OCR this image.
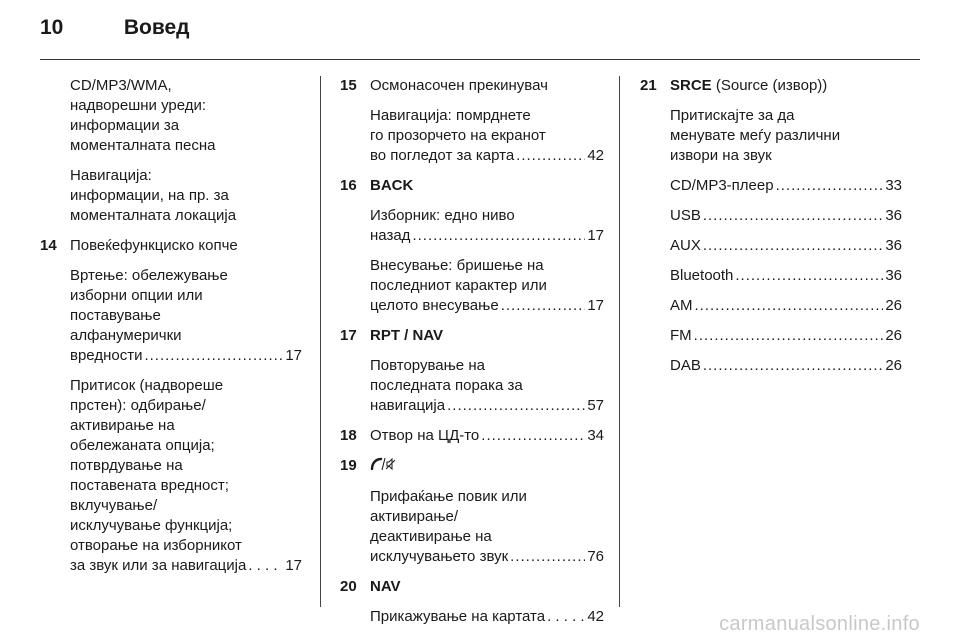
10	Вовед
CD/MP3/WMA,
надворешни уреди:
информации за
моменталната песна
Навигација:
информации, на пр. за
моменталната локација
14 Повеќефункциско копче
Вртење: обележување
изборни опции или
поставување
алфанумерички
вредности .....	17
Притисок (надвореше
прстен): одбирање/
активирање на
обележаната опција;
потврдување на
поставената вредност;
вклучување/
исклучување функција;
отворање на изборникот
за звук или за навигација . . .	17
15 Осмонасочен прекинувач
Навигација: помрднете
го прозорчето на екранот
во погледот за карта .....	42
16 BACK
Изборник: едно ниво
назад .....	17
Внесување: бришење на
последниот карактер или
целото внесување .....	17
17 RPT / NAV
Повторување на
последната порака за
навигација .....	57
18 Отвор на ЦД-то .....	34
19
Прифаќање повик или
активирање/
деактивирање на
исклучувањето звук .....	76
20 NAV
Прикажување на картата . . .	42
21 SRCE (Source (извор))
Притискајте за да
менувате меѓу различни
извори на звук
CD/MP3-плеер .....	33
USB .....	36
AUX .....	36
Bluetooth .....	36
AM .....	26
FM .....	26
DAB .....	26
carmanualsonline.info
